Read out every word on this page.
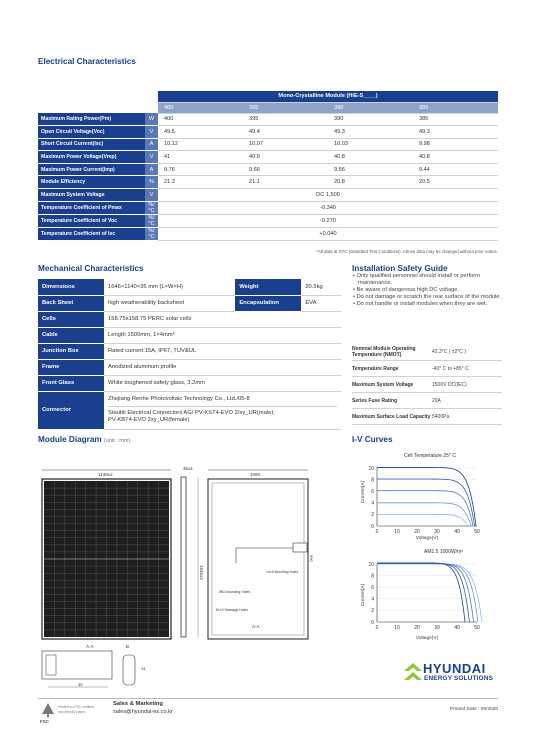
Electrical Characteristics
		Mono-Crystalline Module (HiE-S____)			
		400	395	390	385
Maximum Rating Power(Pm)	W	400	395	390	385
Open Circuit Voltage(Voc)	V	49.5	49.4	49.3	49.3
Short Circuit Current(Isc)	A	10.12	10.07	10.03	9.98
Maximum Power Voltage(Vmp)	V	41	40.9	40.8	40.8
Maximum Power Current(Imp)	A	9.76	9.66	9.56	9.44
Module Efficiency	%	21.3	21.1	20.8	20.5
Maximum System Voltage	V	DC 1,500			
Temperature Coefficient of Pmax	%/°C	-0.340			
Temperature Coefficient of Voc	%/°C	-0.270			
Temperature Coefficient of Isc	%/°C	+0.040			
*All data at STC (Standard Test Conditions). Above data may be changed without prior notice.
Mechanical Characteristics
Dimensions	1646×1140×35 mm (L×W×H)	Weight	20.5kg
Back Sheet	high weatherability backsheet	Encapsulation	EVA
Cells	158.75x158.75 PERC solar cells		
Cable	Length 1500mm, 1×4mm²		
Junction Box	Rated current:15A, IP67, TUV&UL		
Frame	Anodized aluminum profile		
Front Glass	White toughened safety glass, 3.2mm		
Connector	Zhejiang Renhe Photovoltaic Technology Co., Ltd./05-8
Staubli Electrical Connectors AG/ PV-KST4-EVO 2/xy_UR(male);
PV-KBT4-EVO 2xy_UR(female)		
Installation Safety Guide
• Only qualified personnel should install or perform maintenance.
• Be aware of dangerous high DC voltage.
• Do not damage or scratch the rear surface of the module.
• Do not handle or install modules when they are wet.
Nominal Module Operating Temperature (NMOT)	42.3°C ( ±2°C )
Temperature Range	-40° C to +85° C
Maximum System Voltage	1500V DC(IEC)
Series Fuse Rating	20A
Maximum Surface Load Capacity	5400Pa
Module Diagram (unit : mm)
1140±2
35±1
1646±2
1090
990
14×9 Mounting Holes
Ø6 Grounding Holes
8×10 Drainage Holes
A-A
A-A
35
B
14
I-V Curves
Cell Temperature 25° C
0
2
4
6
8
10
0	10	20	30	40	50
Current(A)
Voltage(V)
AM1.5 1000W/m²
0
2
4
6
8
10
0	10	20	30	40	50
Current(A)
Voltage(V)
HYUNDAI
ENERGY SOLUTIONS
FSC
Printed on FSC certified eco-friendly paper.
Sales & Marketing
sales@hyundai-es.co.kr	Printed Date : 09/2020
